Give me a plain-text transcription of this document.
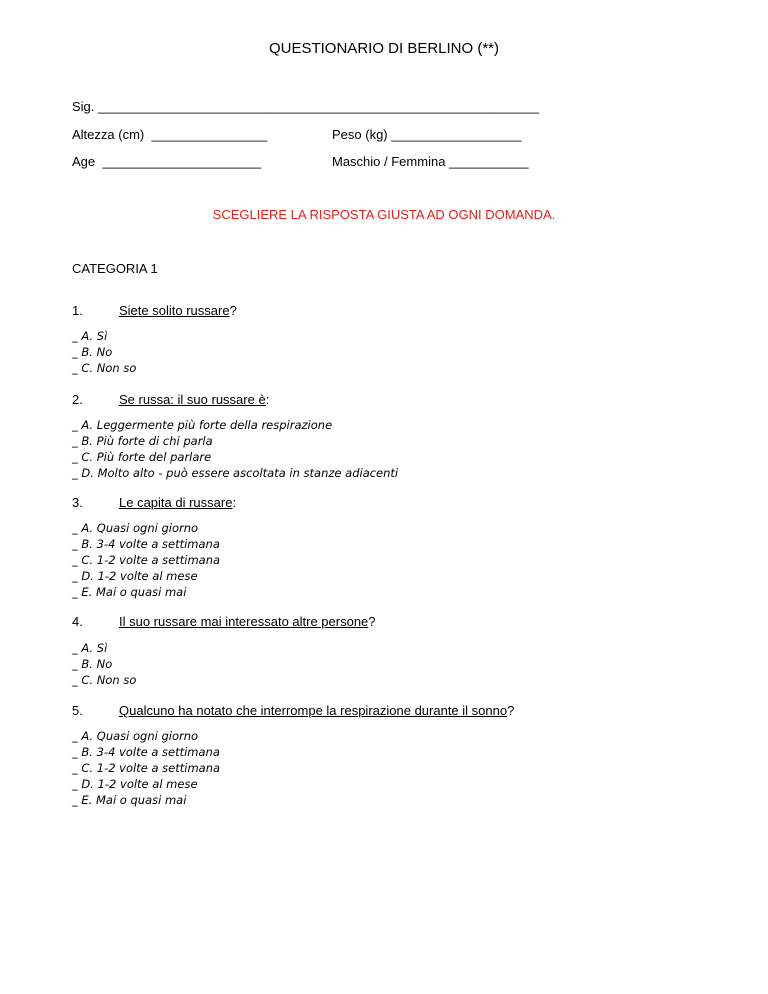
QUESTIONARIO DI BERLINO (**)
Sig. _____________________________________________________________
Altezza (cm)  ________________	Peso (kg) __________________
Age  ______________________	Maschio / Femmina ___________
SCEGLIERE LA RISPOSTA GIUSTA AD OGNI DOMANDA.
CATEGORIA 1
1.	Siete solito russare?
_ A. Sì
_ B. No
_ C. Non so
2.	Se russa: il suo russare è:
_ A. Leggermente più forte della respirazione
_ B. Più forte di chi parla
_ C. Più forte del parlare
_ D. Molto alto - può essere ascoltata in stanze adiacenti
3.	Le capita di russare:
_ A. Quasi ogni giorno
_ B. 3-4 volte a settimana
_ C. 1-2 volte a settimana
_ D. 1-2 volte al mese
_ E. Mai o quasi mai
4.	Il suo russare mai interessato altre persone?
_ A. Sì
_ B. No
_ C. Non so
5.	Qualcuno ha notato che interrompe la respirazione durante il sonno?
_ A. Quasi ogni giorno
_ B. 3-4 volte a settimana
_ C. 1-2 volte a settimana
_ D. 1-2 volte al mese
_ E. Mai o quasi mai
